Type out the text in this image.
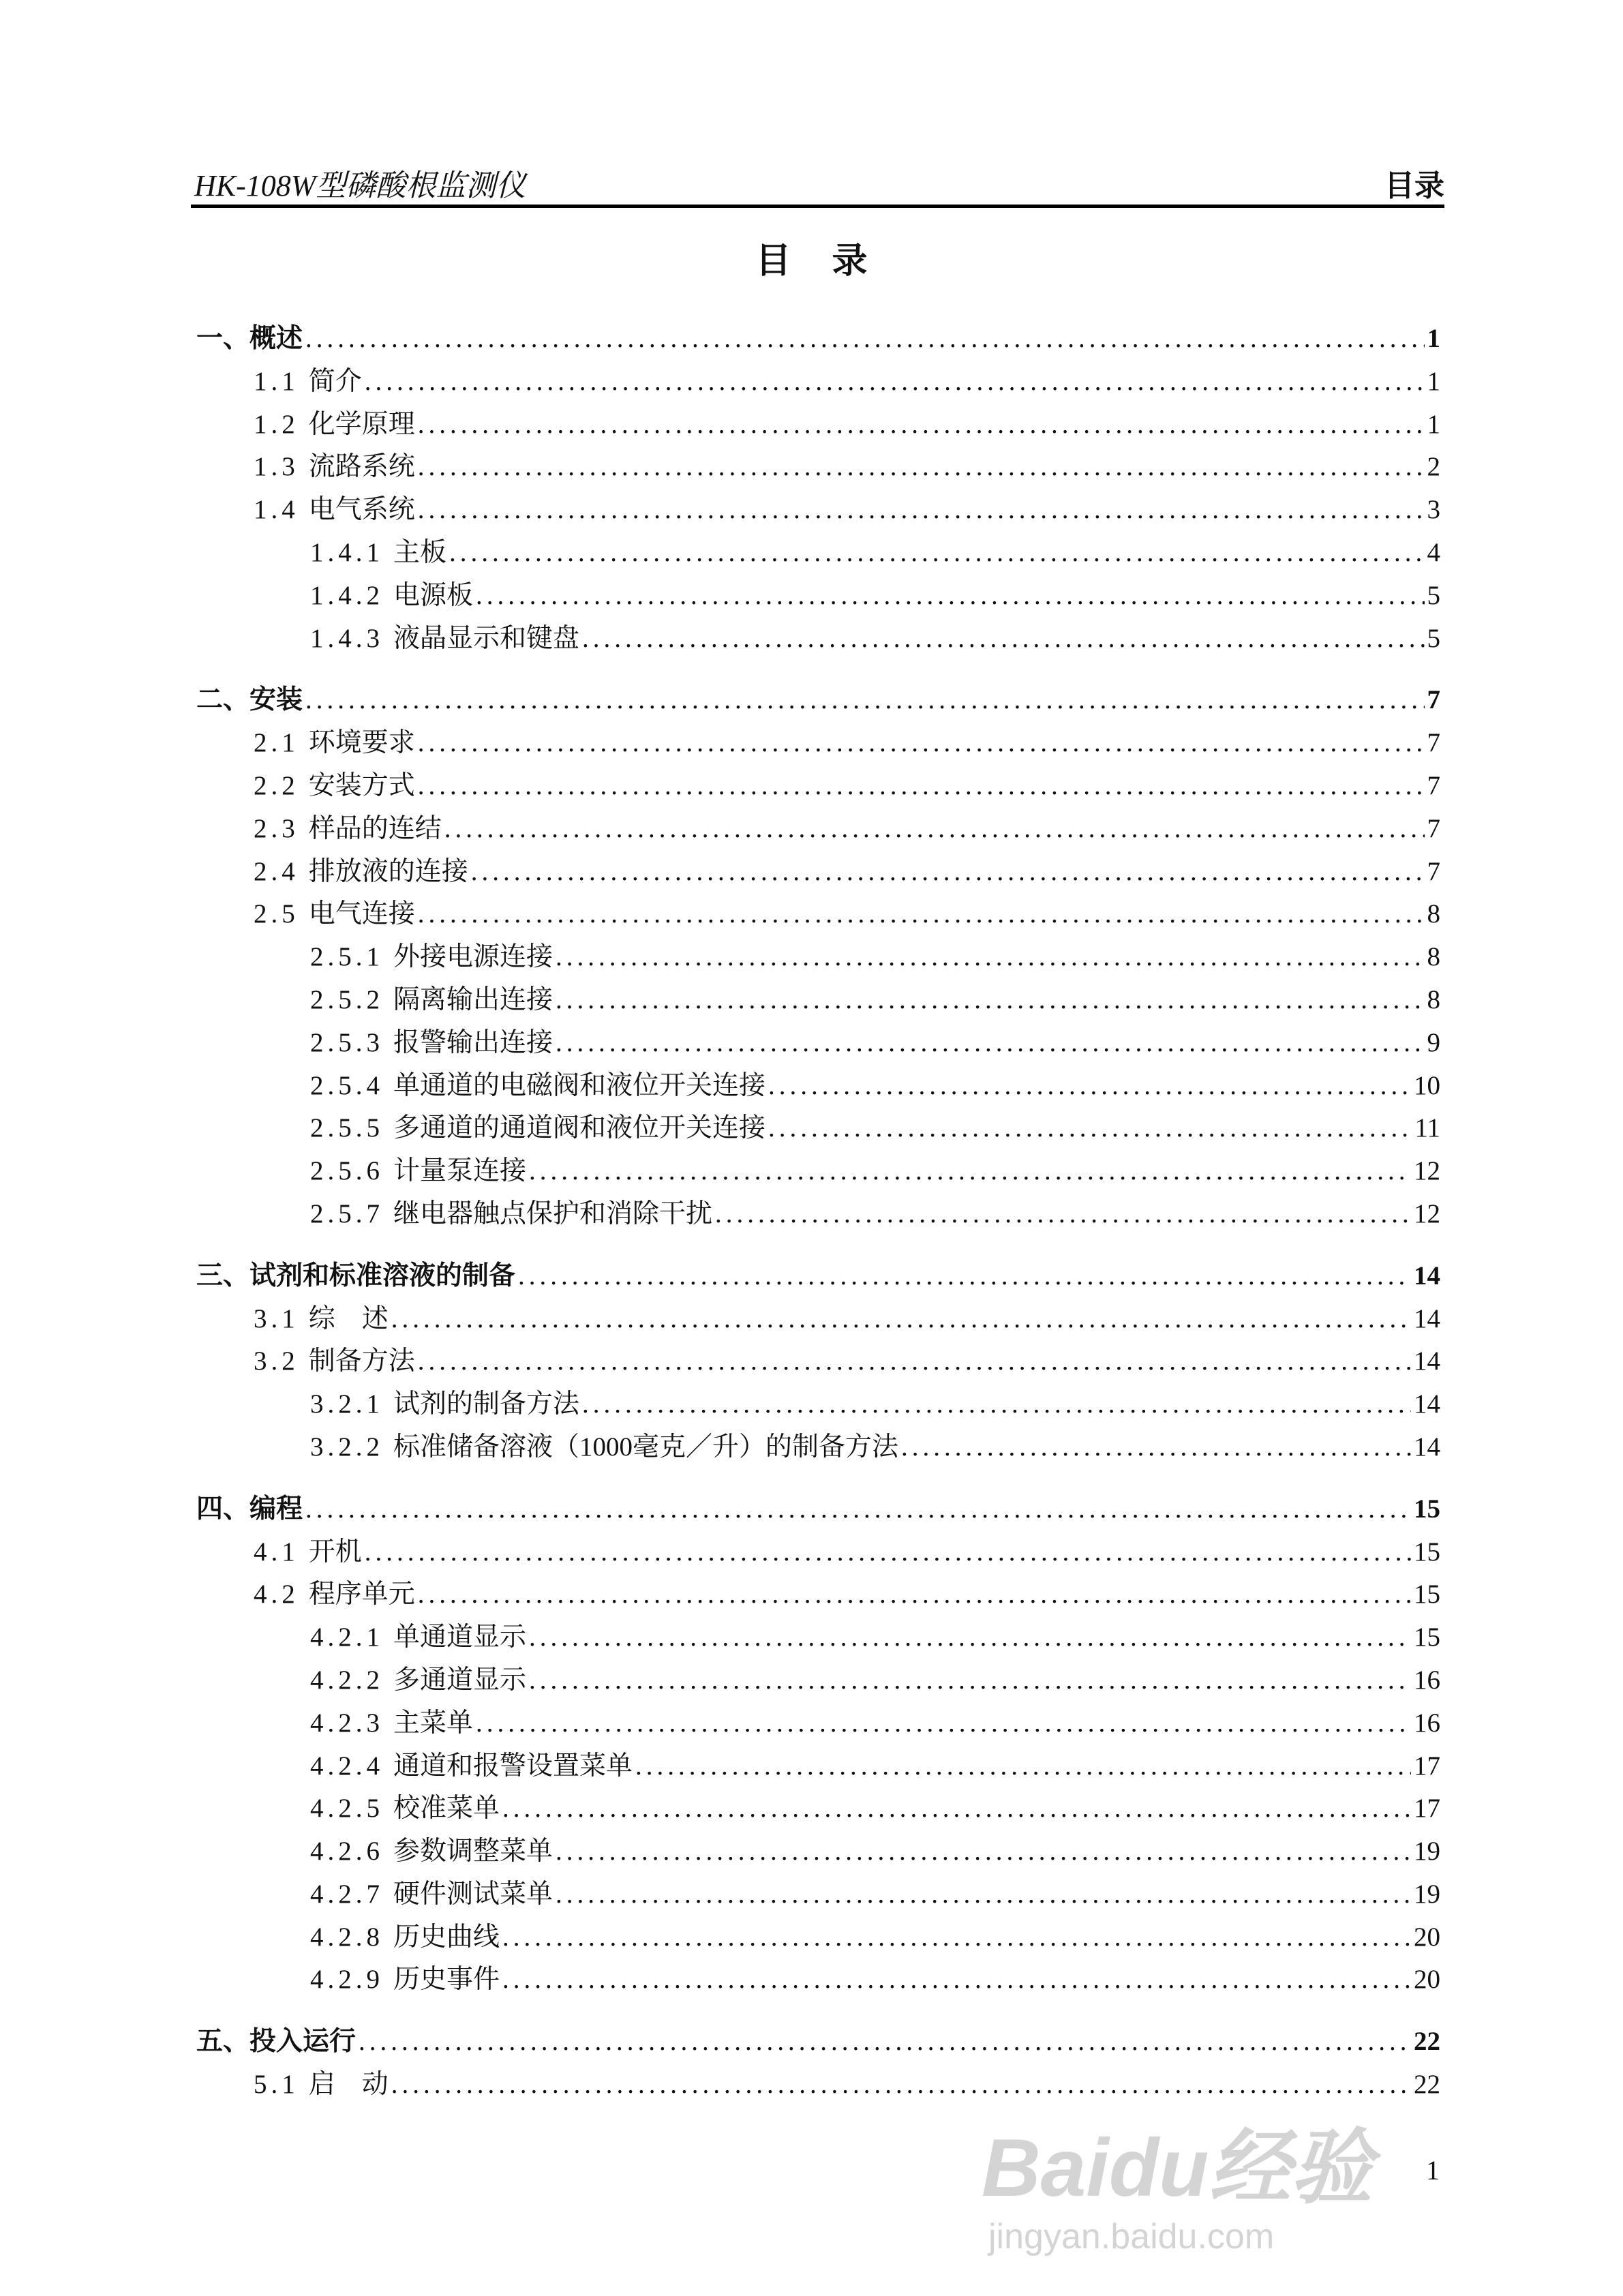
HK-108W型磷酸根监测仪	目录
目录
一、概述 .....	1
1.1 简介 .....	1
1.2 化学原理 .....	1
1.3 流路系统 .....	2
1.4 电气系统 .....	3
1.4.1 主板 .....	4
1.4.2 电源板 .....	5
1.4.3 液晶显示和键盘 .....	5
二、安装 .....	7
2.1 环境要求 .....	7
2.2 安装方式 .....	7
2.3 样品的连结 .....	7
2.4 排放液的连接 .....	7
2.5 电气连接 .....	8
2.5.1 外接电源连接 .....	8
2.5.2 隔离输出连接 .....	8
2.5.3 报警输出连接 .....	9
2.5.4 单通道的电磁阀和液位开关连接 .....	10
2.5.5 多通道的通道阀和液位开关连接 .....	11
2.5.6 计量泵连接 .....	12
2.5.7 继电器触点保护和消除干扰 .....	12
三、试剂和标准溶液的制备 .....	14
3.1 综　述 .....	14
3.2 制备方法 .....	14
3.2.1 试剂的制备方法 .....	14
3.2.2 标准储备溶液（1000毫克／升）的制备方法 .....	14
四、编程 .....	15
4.1 开机 .....	15
4.2 程序单元 .....	15
4.2.1 单通道显示 .....	15
4.2.2 多通道显示 .....	16
4.2.3 主菜单 .....	16
4.2.4 通道和报警设置菜单 .....	17
4.2.5 校准菜单 .....	17
4.2.6 参数调整菜单 .....	19
4.2.7 硬件测试菜单 .....	19
4.2.8 历史曲线 .....	20
4.2.9 历史事件 .....	20
五、投入运行 .....	22
5.1 启　动 .....	22
Baidu经验
jingyan.baidu.com
1
